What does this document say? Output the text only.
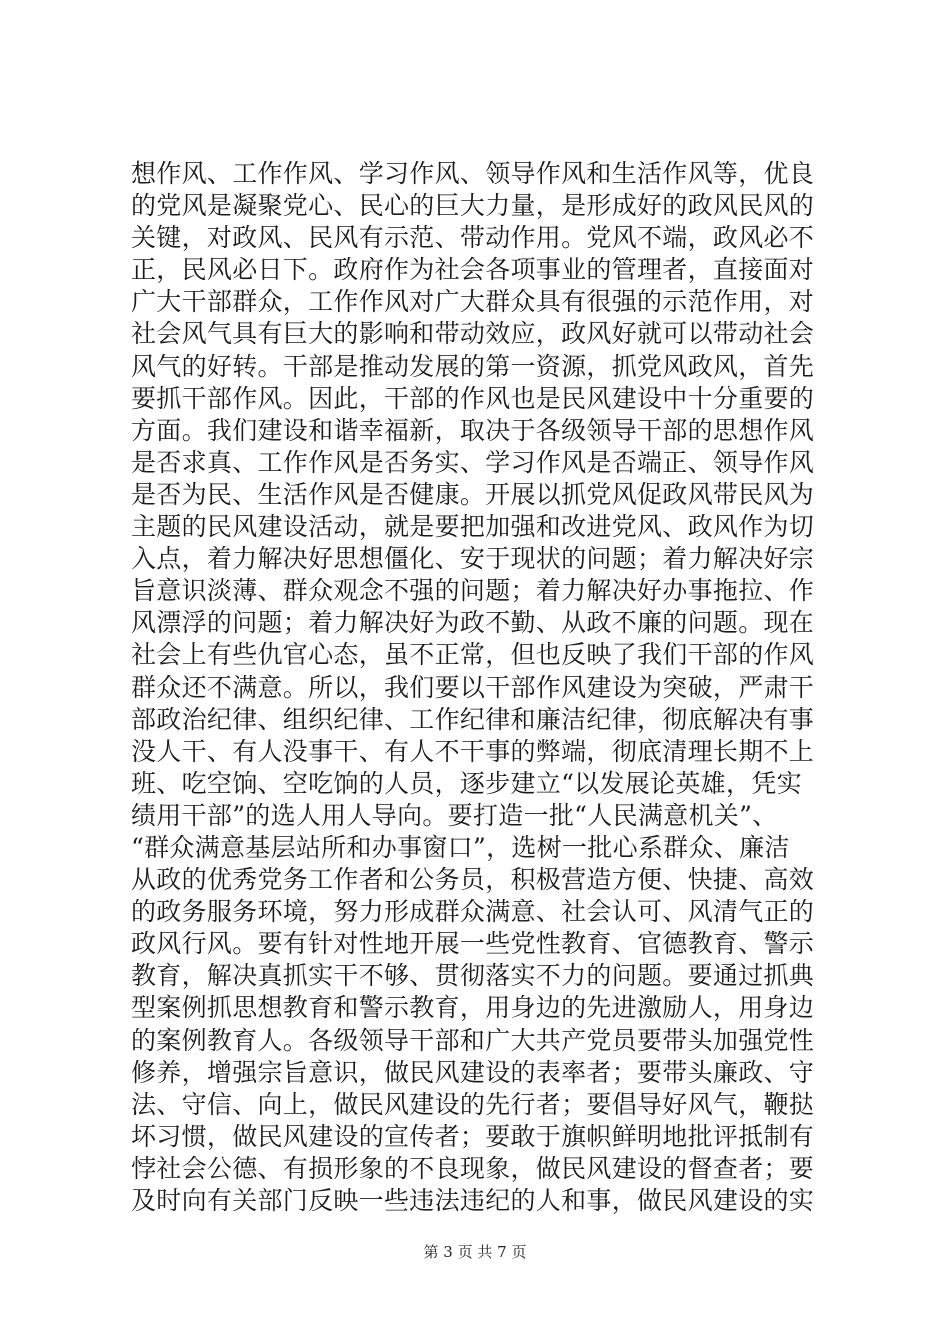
想作风、工作作风、学习作风、领导作风和生活作风等，优良
的党风是凝聚党心、民心的巨大力量，是形成好的政风民风的
关键，对政风、民风有示范、带动作用。党风不端，政风必不
正，民风必日下。政府作为社会各项事业的管理者，直接面对
广大干部群众，工作作风对广大群众具有很强的示范作用，对
社会风气具有巨大的影响和带动效应，政风好就可以带动社会
风气的好转。干部是推动发展的第一资源，抓党风政风，首先
要抓干部作风。因此，干部的作风也是民风建设中十分重要的
方面。我们建设和谐幸福新，取决于各级领导干部的思想作风
是否求真、工作作风是否务实、学习作风是否端正、领导作风
是否为民、生活作风是否健康。开展以抓党风促政风带民风为
主题的民风建设活动，就是要把加强和改进党风、政风作为切
入点，着力解决好思想僵化、安于现状的问题；着力解决好宗
旨意识淡薄、群众观念不强的问题；着力解决好办事拖拉、作
风漂浮的问题；着力解决好为政不勤、从政不廉的问题。现在
社会上有些仇官心态，虽不正常，但也反映了我们干部的作风
群众还不满意。所以，我们要以干部作风建设为突破，严肃干
部政治纪律、组织纪律、工作纪律和廉洁纪律，彻底解决有事
没人干、有人没事干、有人不干事的弊端，彻底清理长期不上
班、吃空饷、空吃饷的人员，逐步建立“以发展论英雄，凭实
绩用干部”的选人用人导向。要打造一批“人民满意机关”、
“群众满意基层站所和办事窗口”，选树一批心系群众、廉洁
从政的优秀党务工作者和公务员，积极营造方便、快捷、高效
的政务服务环境，努力形成群众满意、社会认可、风清气正的
政风行风。要有针对性地开展一些党性教育、官德教育、警示
教育，解决真抓实干不够、贯彻落实不力的问题。要通过抓典
型案例抓思想教育和警示教育，用身边的先进激励人，用身边
的案例教育人。各级领导干部和广大共产党员要带头加强党性
修养，增强宗旨意识，做民风建设的表率者；要带头廉政、守
法、守信、向上，做民风建设的先行者；要倡导好风气，鞭挞
坏习惯，做民风建设的宣传者；要敢于旗帜鲜明地批评抵制有
悖社会公德、有损形象的不良现象，做民风建设的督查者；要
及时向有关部门反映一些违法违纪的人和事，做民风建设的实
第 3 页 共 7 页
